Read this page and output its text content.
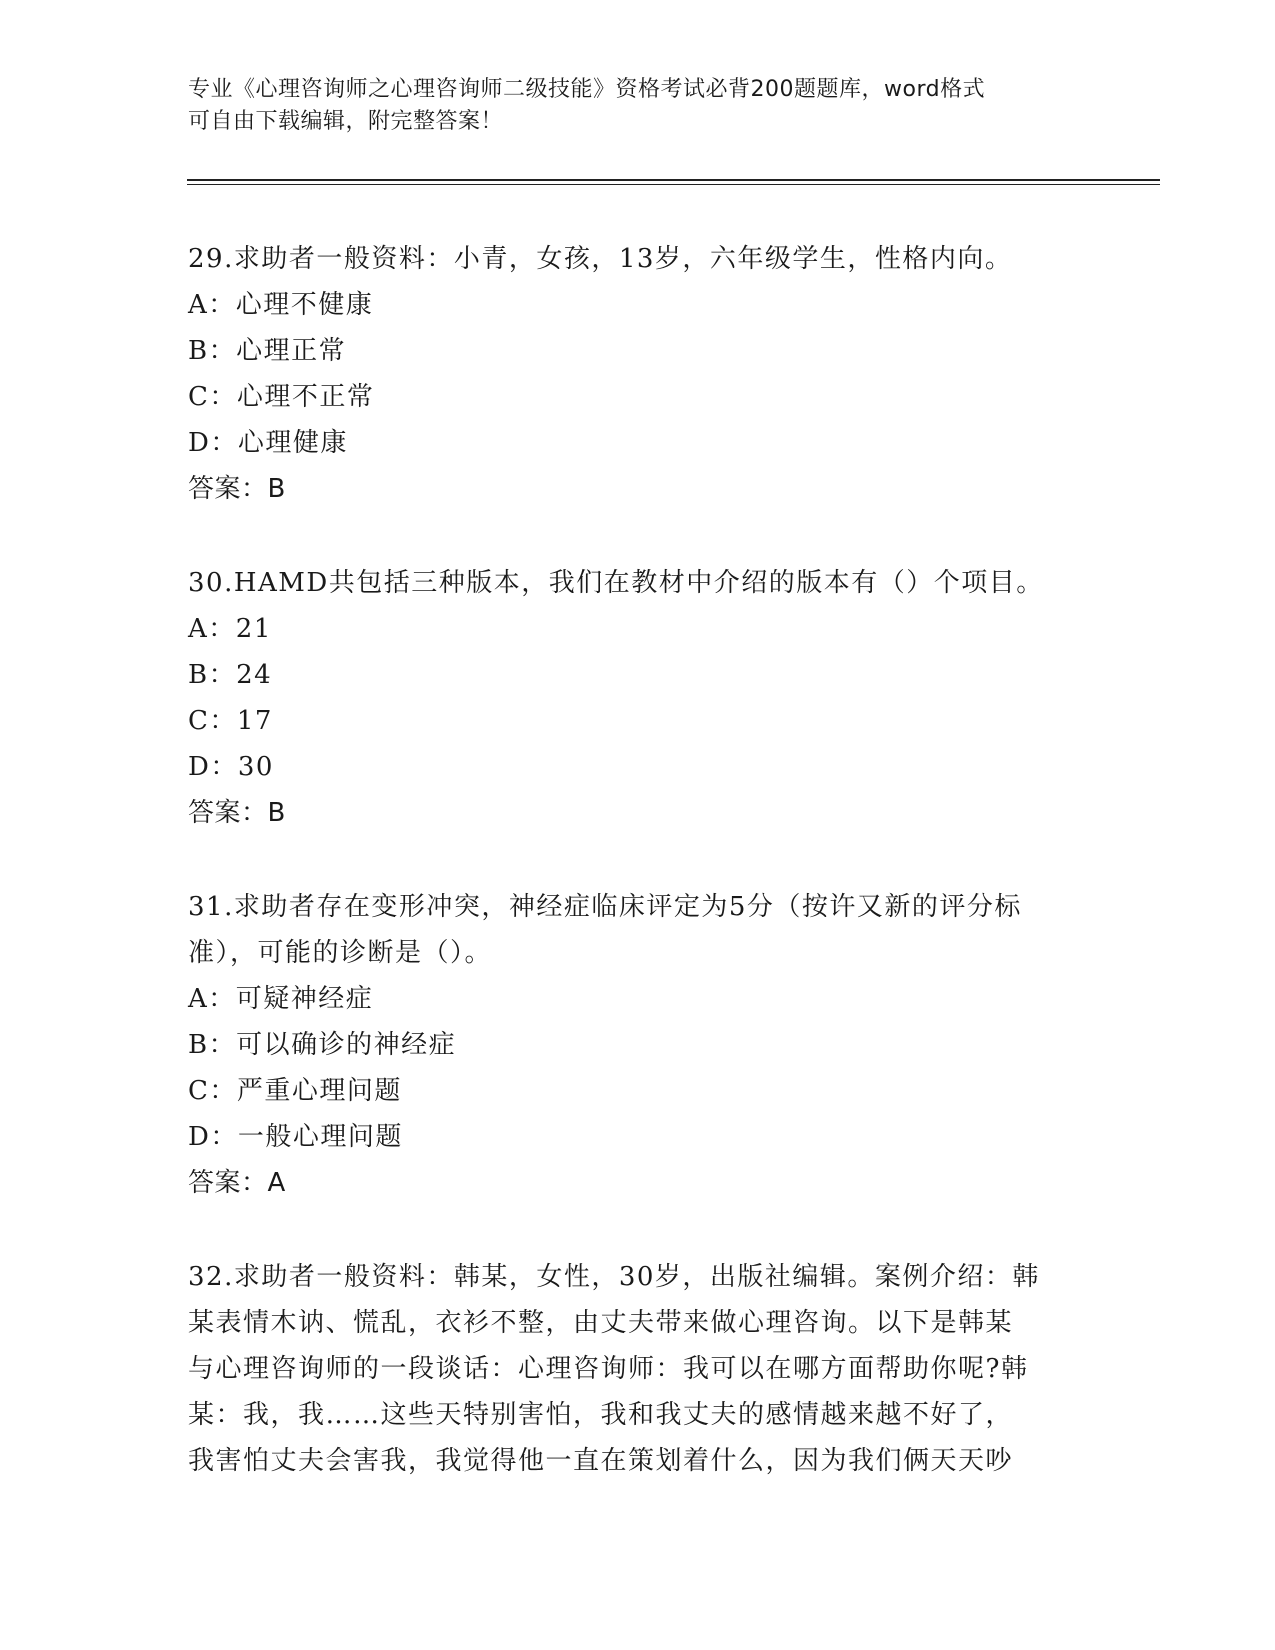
专业《心理咨询师之心理咨询师二级技能》资格考试必背200题题库，word格式
可自由下载编辑，附完整答案！
29.求助者一般资料：小青，女孩，13岁，六年级学生，性格内向。
A：心理不健康
B：心理正常
C：心理不正常
D：心理健康
答案：B
30.HAMD共包括三种版本，我们在教材中介绍的版本有（）个项目。
A：21
B：24
C：17
D：30
答案：B
31.求助者存在变形冲突，神经症临床评定为5分（按许又新的评分标
准），可能的诊断是（）。
A：可疑神经症
B：可以确诊的神经症
C：严重心理问题
D：一般心理问题
答案：A
32.求助者一般资料：韩某，女性，30岁，出版社编辑。案例介绍：韩
某表情木讷、慌乱，衣衫不整，由丈夫带来做心理咨询。以下是韩某
与心理咨询师的一段谈话：心理咨询师：我可以在哪方面帮助你呢?韩
某：我，我……这些天特别害怕，我和我丈夫的感情越来越不好了，
我害怕丈夫会害我，我觉得他一直在策划着什么，因为我们俩天天吵
